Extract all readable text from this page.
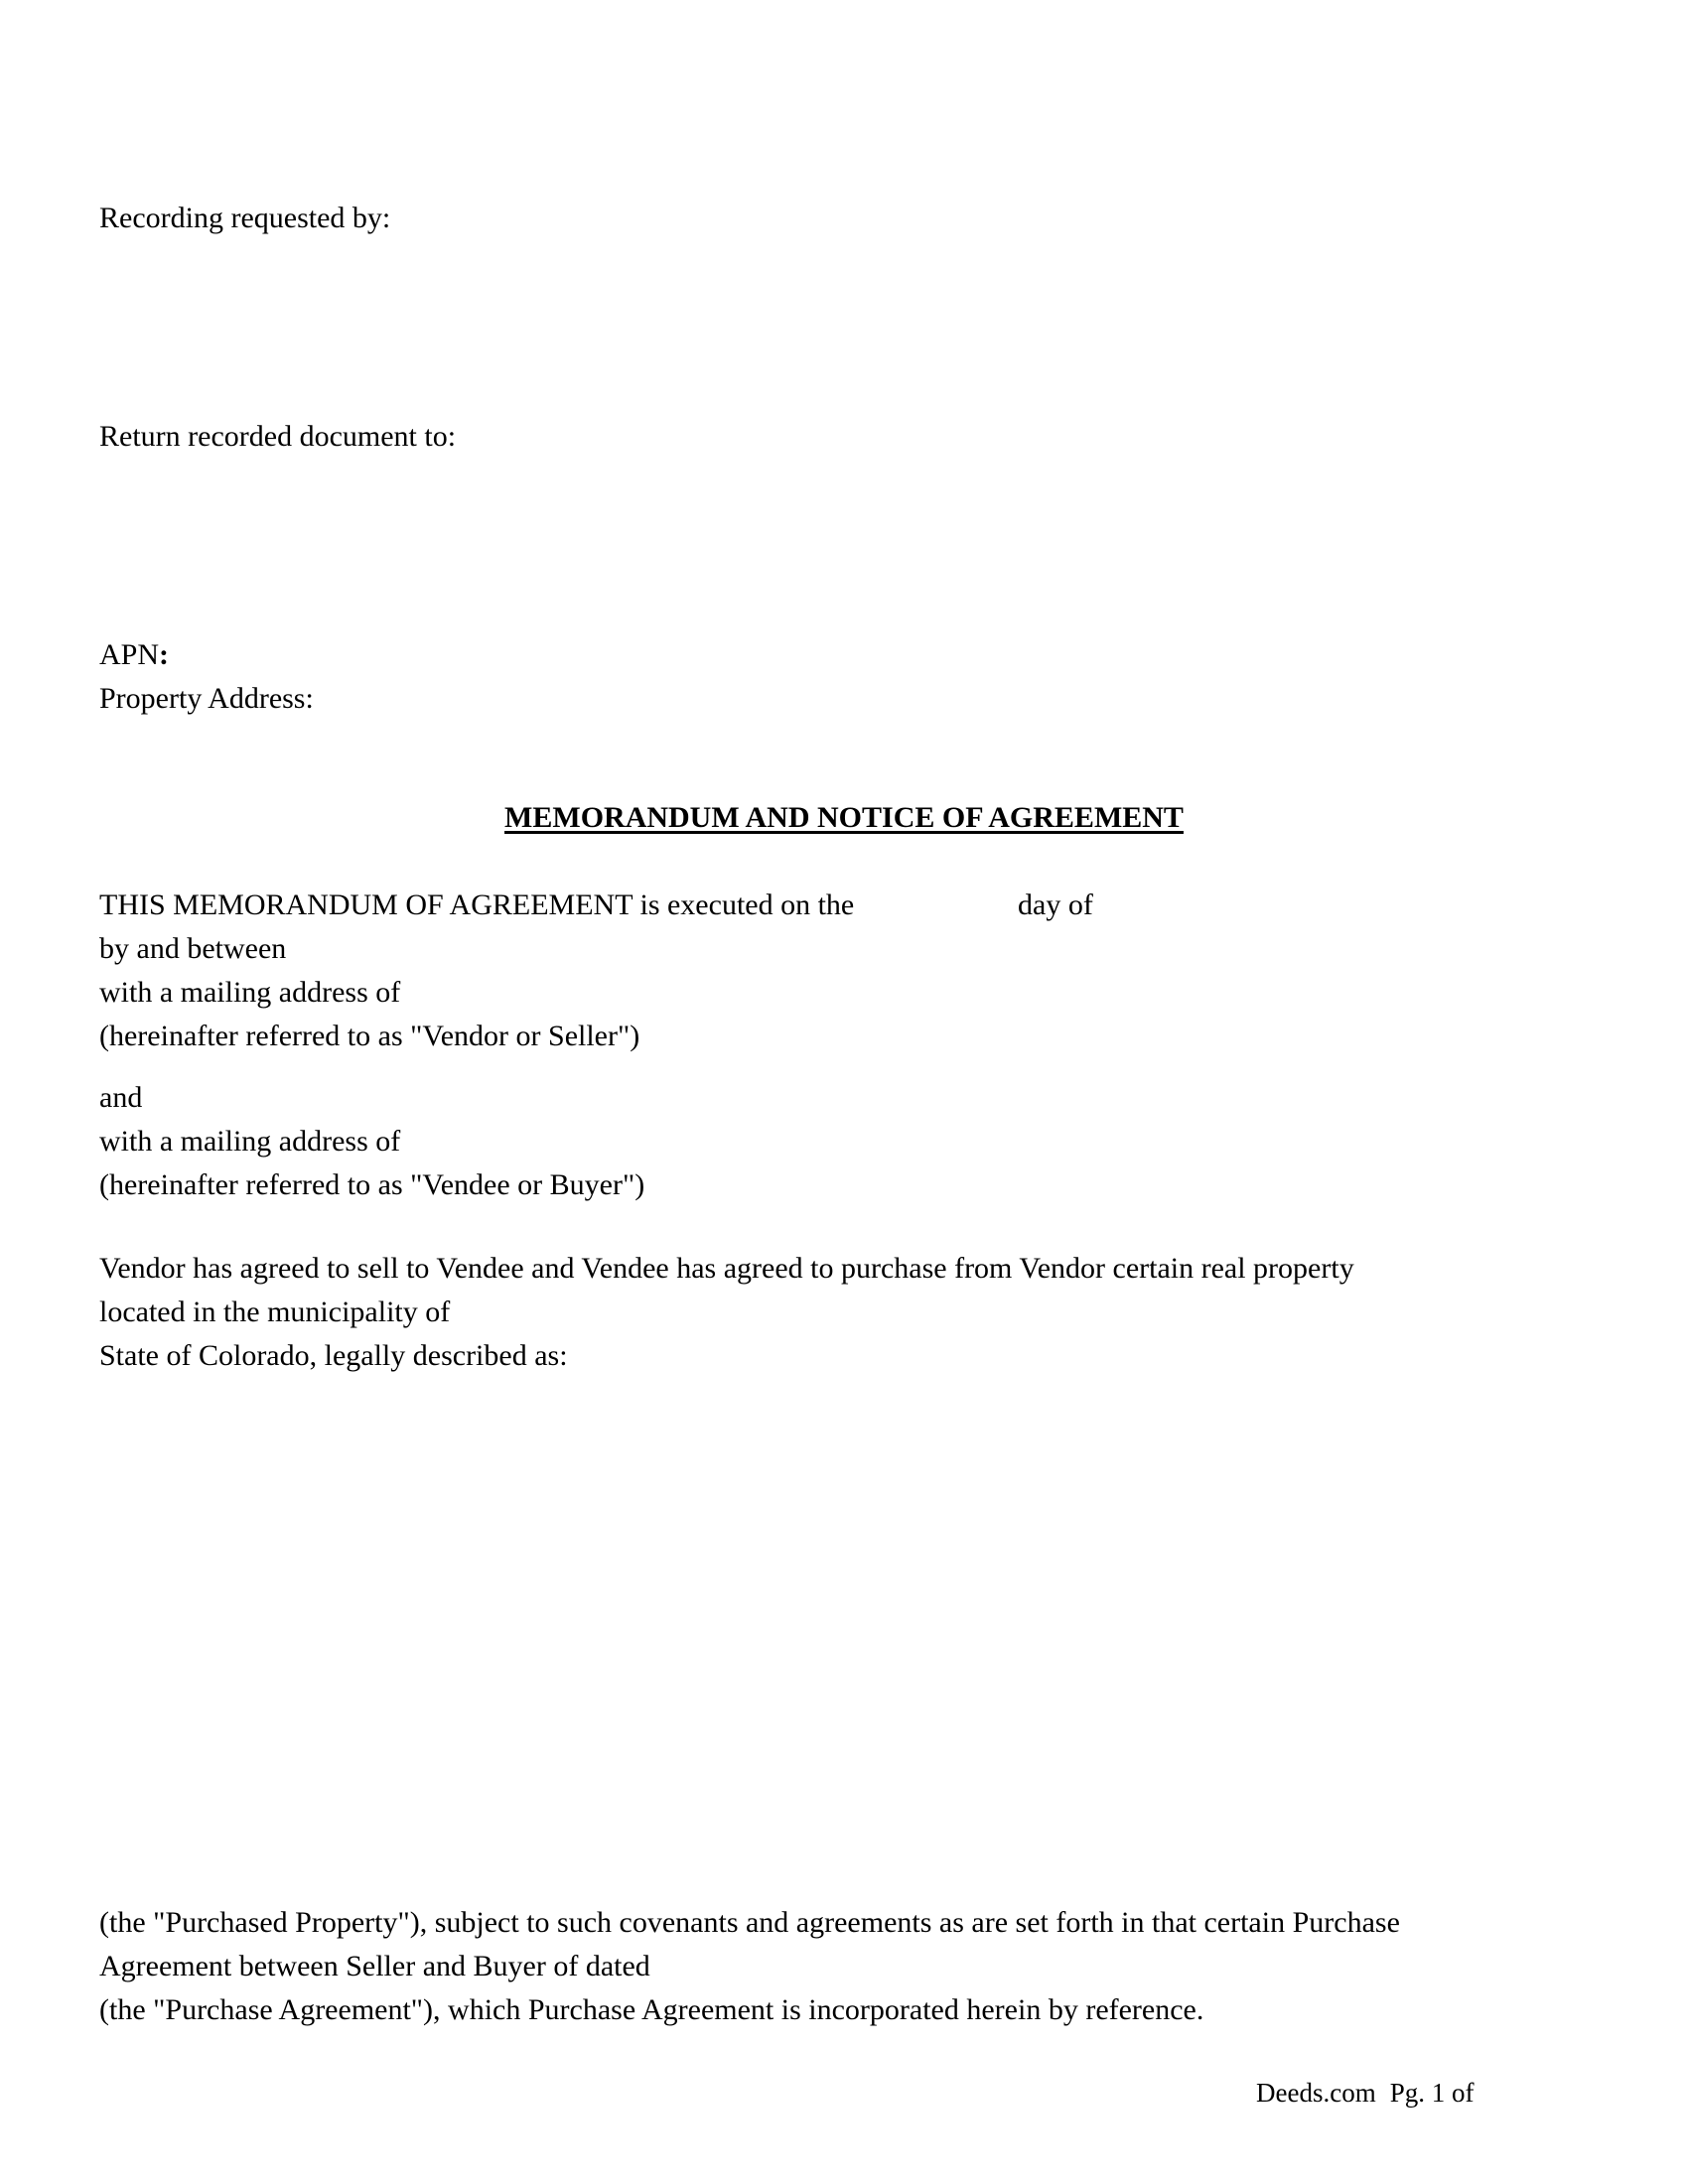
Recording requested by:
Return recorded document to:
APN:
Property Address:
MEMORANDUM AND NOTICE OF AGREEMENT
THIS MEMORANDUM OF AGREEMENT is executed on the	day of
by and between
with a mailing address of
(hereinafter referred to as "Vendor or Seller")
and
with a mailing address of
(hereinafter referred to as "Vendee or Buyer")
Vendor has agreed to sell to Vendee and Vendee has agreed to purchase from Vendor certain real property
located in the municipality of
State of Colorado, legally described as:
(the "Purchased Property"), subject to such covenants and agreements as are set forth in that certain Purchase
Agreement between Seller and Buyer of dated
(the "Purchase Agreement"), which Purchase Agreement is incorporated herein by reference.
Deeds.com Pg. 1 of
